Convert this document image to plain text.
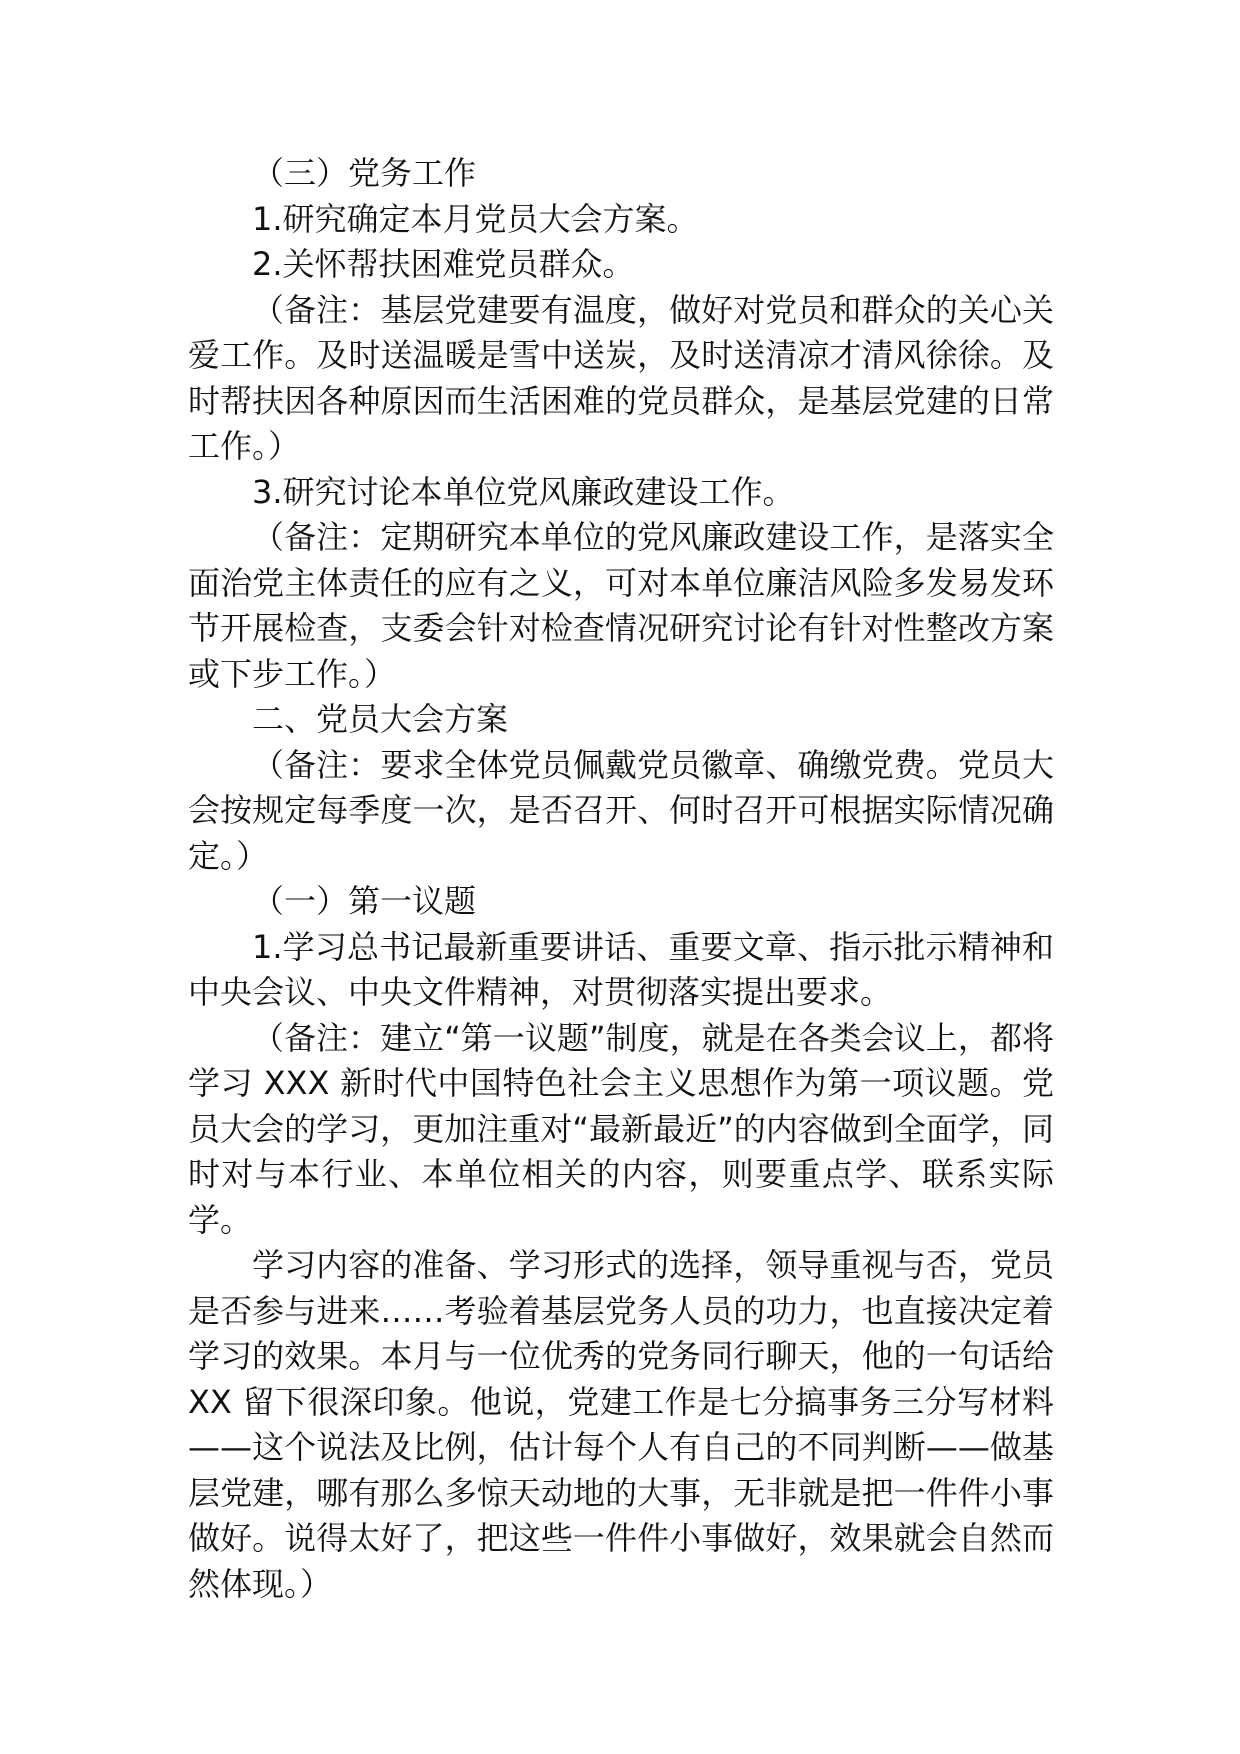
（三）党务工作

1.研究确定本月党员大会方案。

2.关怀帮扶困难党员群众。

（备注：基层党建要有温度，做好对党员和群众的关心关爱工作。及时送温暖是雪中送炭，及时送清凉才清风徐徐。及时帮扶因各种原因而生活困难的党员群众，是基层党建的日常工作。）

3.研究讨论本单位党风廉政建设工作。

（备注：定期研究本单位的党风廉政建设工作，是落实全面治党主体责任的应有之义，可对本单位廉洁风险多发易发环节开展检查，支委会针对检查情况研究讨论有针对性整改方案或下步工作。）

二、党员大会方案

（备注：要求全体党员佩戴党员徽章、确缴党费。党员大会按规定每季度一次，是否召开、何时召开可根据实际情况确定。）

（一）第一议题

1.学习总书记最新重要讲话、重要文章、指示批示精神和中央会议、中央文件精神，对贯彻落实提出要求。

（备注：建立“第一议题”制度，就是在各类会议上，都将学习 XXX 新时代中国特色社会主义思想作为第一项议题。党员大会的学习，更加注重对“最新最近”的内容做到全面学，同时对与本行业、本单位相关的内容，则要重点学、联系实际学。

学习内容的准备、学习形式的选择，领导重视与否，党员是否参与进来……考验着基层党务人员的功力，也直接决定着学习的效果。本月与一位优秀的党务同行聊天，他的一句话给 XX 留下很深印象。他说，党建工作是七分搞事务三分写材料——这个说法及比例，估计每个人有自己的不同判断——做基层党建，哪有那么多惊天动地的大事，无非就是把一件件小事做好。说得太好了，把这些一件件小事做好，效果就会自然而然体现。）
